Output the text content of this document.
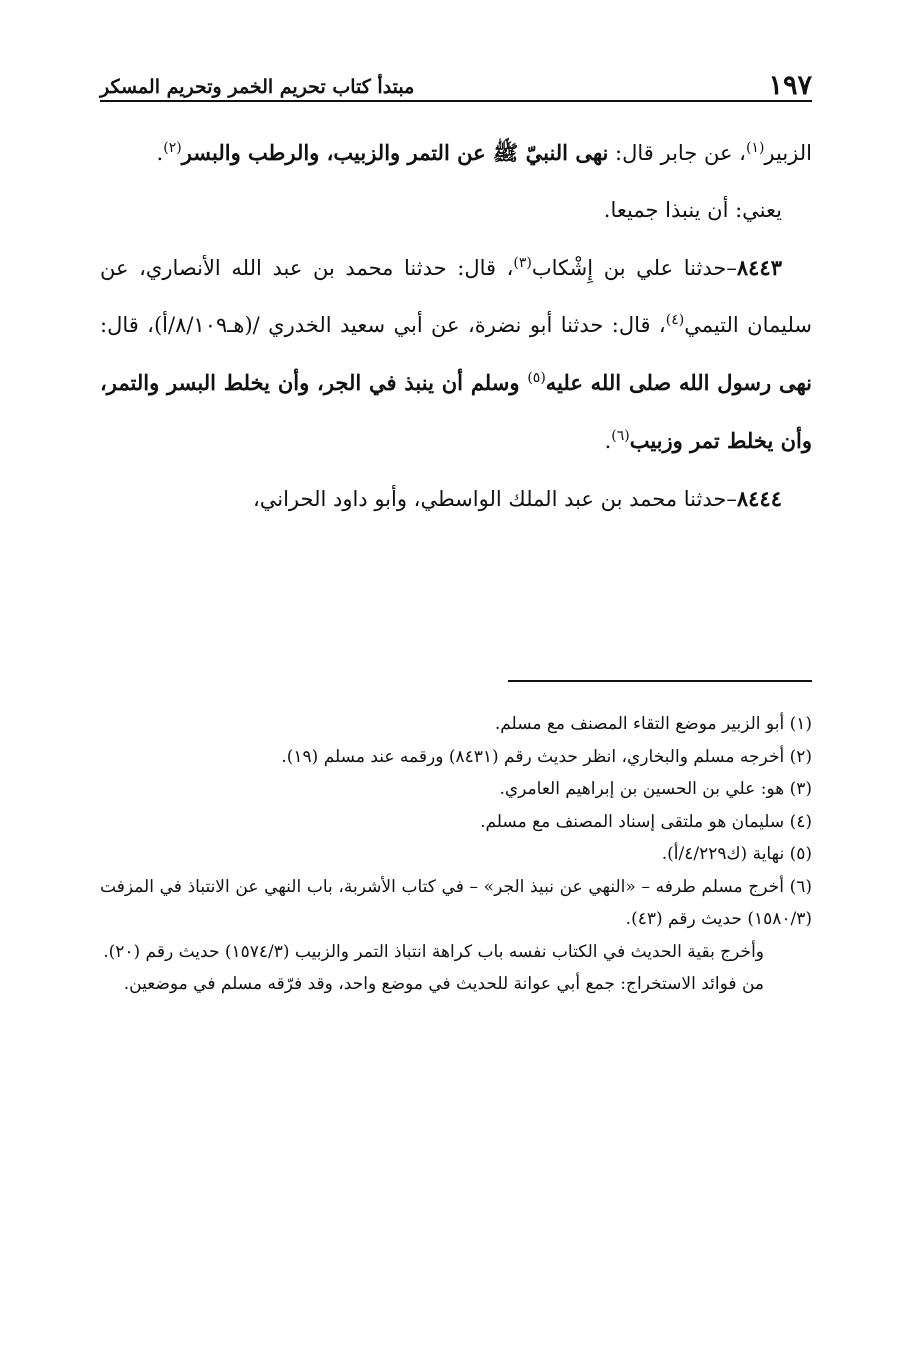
١٩٧
مبتدأ كتاب تحريم الخمر وتحريم المسكر

الزبير$^{(١)}$، عن جابر قال: نهى النبيّ ﷺ عن التمر والزبيب، والرطب والبسر$^{(٢)}$.

يعني: أن ينبذا جميعا.

٨٤٤٣–حدثنا علي بن إِشْكاب$^{(٣)}$، قال: حدثنا محمد بن عبد الله الأنصاري، عن سليمان التيمي$^{(٤)}$، قال: حدثنا أبو نضرة، عن أبي سعيد الخدري /(هـ٨/١٠٩/أ)، قال: نهى رسول الله صلى الله عليه$^{(٥)}$ وسلم أن ينبذ في الجر، وأن يخلط البسر والتمر، وأن يخلط تمر وزبيب$^{(٦)}$.

٨٤٤٤–حدثنا محمد بن عبد الملك الواسطي، وأبو داود الحراني،

(١) أبو الزبير موضع التقاء المصنف مع مسلم.

(٢) أخرجه مسلم والبخاري، انظر حديث رقم (٨٤٣١) ورقمه عند مسلم (١٩).

(٣) هو: علي بن الحسين بن إبراهيم العامري.

(٤) سليمان هو ملتقى إسناد المصنف مع مسلم.

(٥) نهاية (ك٤/٢٢٩/أ).

(٦) أخرج مسلم طرفه – «النهي عن نبيذ الجر» – في كتاب الأشربة، باب النهي عن الانتباذ في المزفت (١٥٨٠/٣) حديث رقم (٤٣).

وأخرج بقية الحديث في الكتاب نفسه باب كراهة انتباذ التمر والزبيب (١٥٧٤/٣) حديث رقم (٢٠).

من فوائد الاستخراج: جمع أبي عوانة للحديث في موضع واحد، وقد فرّقه مسلم في موضعين.
